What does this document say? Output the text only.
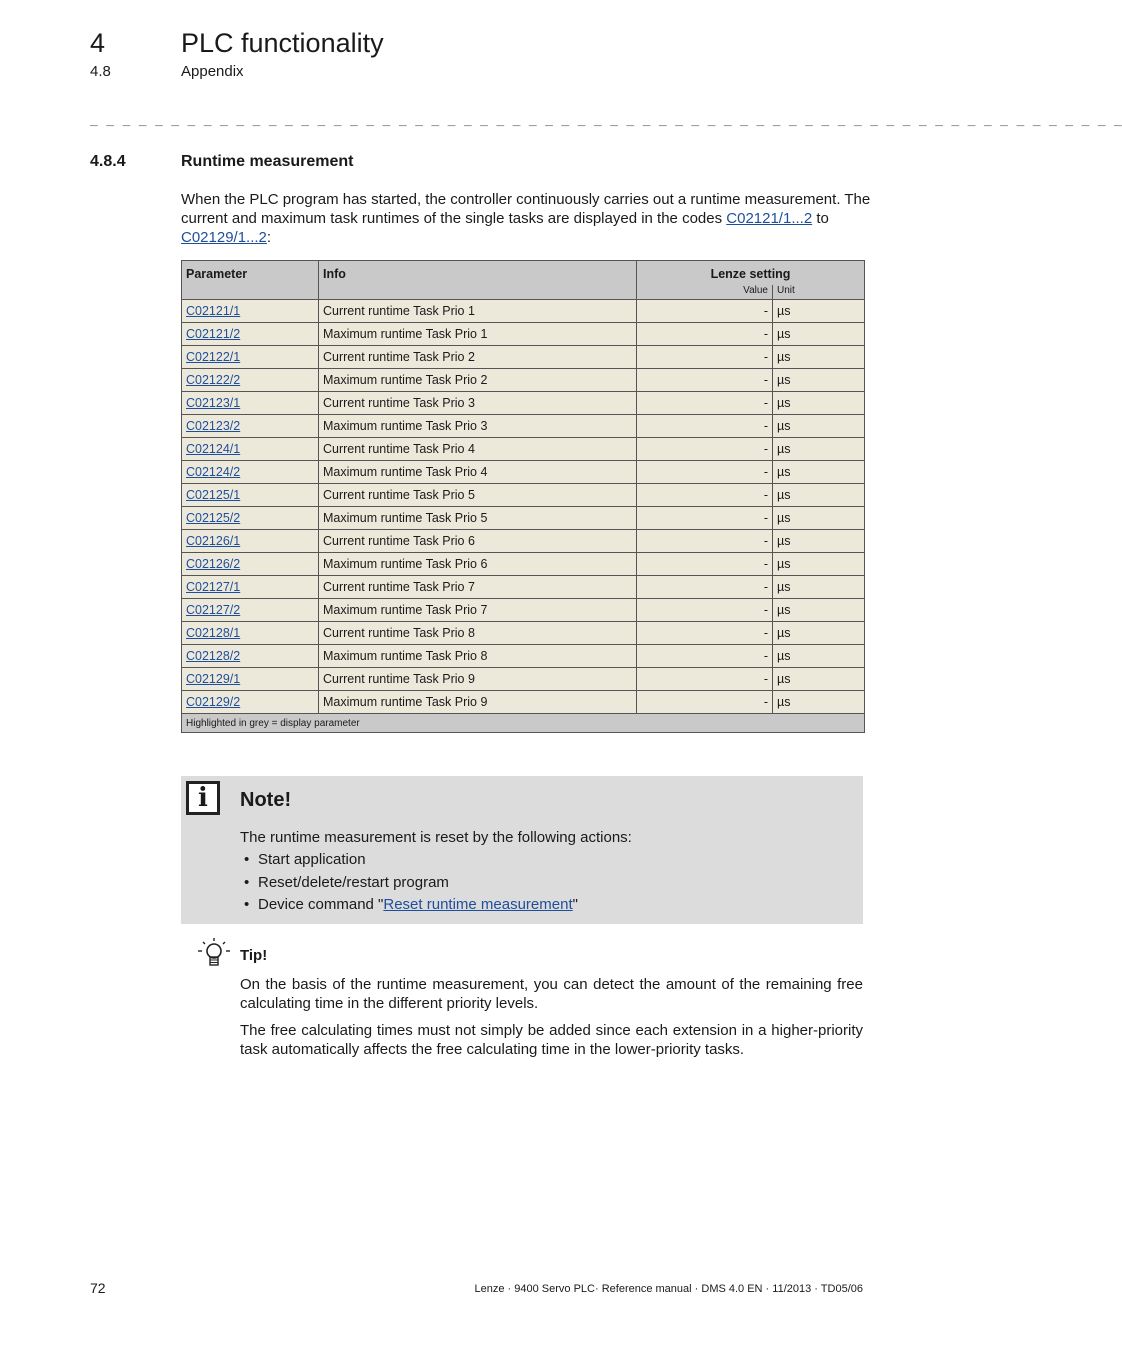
4	PLC functionality
4.8	Appendix
_ _ _ _ _ _ _ _ _ _ _ _ _ _ _ _ _ _ _ _ _ _ _ _ _ _ _ _ _ _ _ _ _ _ _ _ _ _ _ _ _ _ _ _ _ _ _ _ _ _ _ _ _ _ _ _ _ _ _ _ _ _ _ _
4.8.4	Runtime measurement
When the PLC program has started, the controller continuously carries out a runtime measurement. The current and maximum task runtimes of the single tasks are displayed in the codes C02121/1...2 to C02129/1...2:
Parameter	Info	Lenze setting	
		Value	Unit
C02121/1	Current runtime Task Prio 1	-	µs
C02121/2	Maximum runtime Task Prio 1	-	µs
C02122/1	Current runtime Task Prio 2	-	µs
C02122/2	Maximum runtime Task Prio 2	-	µs
C02123/1	Current runtime Task Prio 3	-	µs
C02123/2	Maximum runtime Task Prio 3	-	µs
C02124/1	Current runtime Task Prio 4	-	µs
C02124/2	Maximum runtime Task Prio 4	-	µs
C02125/1	Current runtime Task Prio 5	-	µs
C02125/2	Maximum runtime Task Prio 5	-	µs
C02126/1	Current runtime Task Prio 6	-	µs
C02126/2	Maximum runtime Task Prio 6	-	µs
C02127/1	Current runtime Task Prio 7	-	µs
C02127/2	Maximum runtime Task Prio 7	-	µs
C02128/1	Current runtime Task Prio 8	-	µs
C02128/2	Maximum runtime Task Prio 8	-	µs
C02129/1	Current runtime Task Prio 9	-	µs
C02129/2	Maximum runtime Task Prio 9	-	µs
Highlighted in grey = display parameter			
i	Note!
The runtime measurement is reset by the following actions:
• Start application
• Reset/delete/restart program
• Device command "Reset runtime measurement"
Tip!
On the basis of the runtime measurement, you can detect the amount of the remaining free calculating time in the different priority levels.
The free calculating times must not simply be added since each extension in a higher-priority task automatically affects the free calculating time in the lower-priority tasks.
72	Lenze · 9400 Servo PLC· Reference manual · DMS 4.0 EN · 11/2013 · TD05/06
